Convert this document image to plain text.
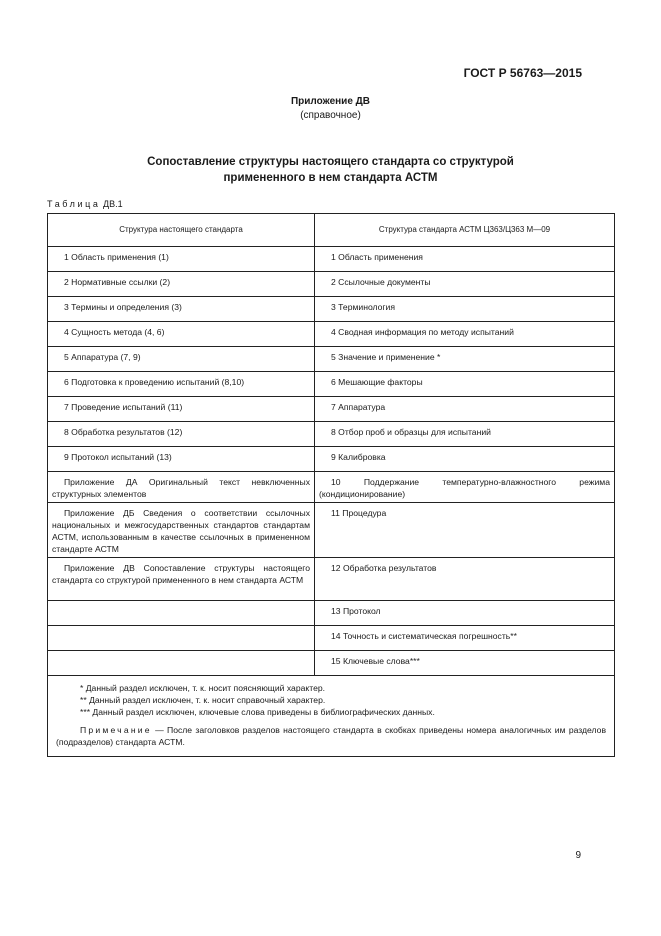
ГОСТ Р 56763—2015
Приложение ДВ
(справочное)
Сопоставление структуры настоящего стандарта со структурой
примененного в нем стандарта АСТМ
Таблица ДВ.1
Структура настоящего стандарта	Структура стандарта АСТМ Ц363/Ц363 М—09

1 Область применения (1)	1 Область применения

2 Нормативные ссылки (2)	2 Ссылочные документы

3 Термины и определения (3)	3 Терминология

4 Сущность метода (4, 6)	4 Сводная информация по методу испытаний

5 Аппаратура (7, 9)	5 Значение и применение *

6 Подготовка к проведению испытаний (8,10)	6 Мешающие факторы

7 Проведение испытаний (11)	7 Аппаратура

8 Обработка результатов (12)	8 Отбор проб и образцы для испытаний

9 Протокол испытаний (13)	9 Калибровка

Приложение ДА Оригинальный текст невключенных структурных элементов	10 Поддержание температурно-влажностного режима (кондиционирование)

Приложение ДБ Сведения о соответствии ссылочных национальных и межгосударственных стандартов стандартам АСТМ, использованным в качестве ссылочных в примененном стандарте АСТМ	11 Процедура

Приложение ДВ Сопоставление структуры настоящего стандарта со структурой примененного в нем стандарта АСТМ	12 Обработка результатов

	13 Протокол

	14 Точность и систематическая погрешность**

	15 Ключевые слова***

* Данный раздел исключен, т. к. носит поясняющий характер.
** Данный раздел исключен, т. к. носит справочный характер.
*** Данный раздел исключен, ключевые слова приведены в библиографических данных.
Примечание — После заголовков разделов настоящего стандарта в скобках приведены номера аналогичных им разделов (подразделов) стандарта АСТМ.	
9
